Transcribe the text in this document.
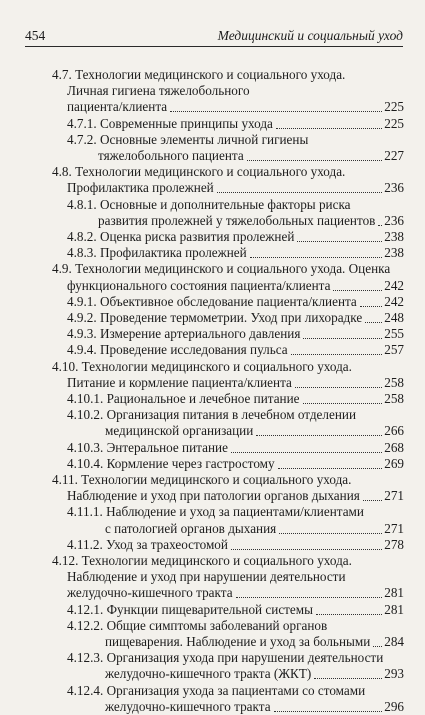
454	Медицинский и социальный уход
4.7. Технологии медицинского и социального ухода.
Личная гигиена тяжелобольного
пациента/клиента	225
4.7.1. Современные принципы ухода	225
4.7.2. Основные элементы личной гигиены
тяжелобольного пациента	227
4.8. Технологии медицинского и социального ухода.
Профилактика пролежней	236
4.8.1. Основные и дополнительные факторы риска
развития пролежней у тяжелобольных пациентов 236
4.8.2. Оценка риска развития пролежней	238
4.8.3. Профилактика пролежней	238
4.9. Технологии медицинского и социального ухода. Оценка
функционального состояния пациента/клиента	242
4.9.1. Объективное обследование пациента/клиента 242
4.9.2. Проведение термометрии. Уход при лихорадке 248
4.9.3. Измерение артериального давления	255
4.9.4. Проведение исследования пульса	257
4.10. Технологии медицинского и социального ухода.
Питание и кормление пациента/клиента	258
4.10.1. Рациональное и лечебное питание	258
4.10.2. Организация питания в лечебном отделении
медицинской организации	266
4.10.3. Энтеральное питание	268
4.10.4. Кормление через гастростому	269
4.11. Технологии медицинского и социального ухода.
Наблюдение и уход при патологии органов дыхания 271
4.11.1. Наблюдение и уход за пациентами/клиентами
с патологией органов дыхания	271
4.11.2. Уход за трахеостомой	278
4.12. Технологии медицинского и социального ухода.
Наблюдение и уход при нарушении деятельности
желудочно-кишечного тракта	281
4.12.1. Функции пищеварительной системы	281
4.12.2. Общие симптомы заболеваний органов
пищеварения. Наблюдение и уход за больными 284
4.12.3. Организация ухода при нарушении деятельности
желудочно-кишечного тракта (ЖКТ)	293
4.12.4. Организация ухода за пациентами со стомами
желудочно-кишечного тракта	296
